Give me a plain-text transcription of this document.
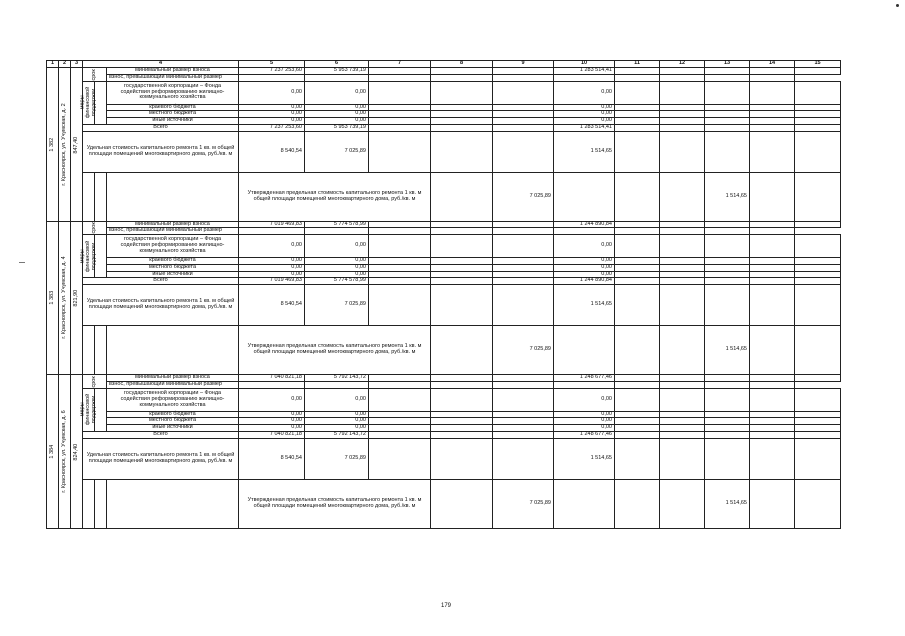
1	2	3	4			5	6	7	8	9	10	11	12	13	14	15	
1 382	г. Красноярск, ул. Учумская, д. 2	847,40	срок		минимальный размер взноса	7 237 253,60	5 953 739,19				1 283 514,41						
					взнос, превышающий минимальный размер												
			меры финансовой поддержки		государственной корпорации – Фонда содействия реформированию жилищно-коммунального хозяйства	0,00	0,00				0,00						
					краевого бюджета	0,00	0,00				0,00						
					местного бюджета	0,00	0,00				0,00						
					иные источники	0,00	0,00				0,00						
			Всего			7 237 253,60	5 953 739,19				1 283 514,41						
			Удельная стоимость капитального ремонта 1 кв. м общей площади помещений многоквартирного дома, руб./кв. м			8 540,54	7 025,89				1 514,65						
						Утвержденная предельная стоимость капитального ремонта 1 кв. м общей площади помещений многоквартирного дома, руб./кв. м				7 025,89				1 514,65					
1 383	г. Красноярск, ул. Учумская, д. 4	821,90	срок		минимальный размер взноса	7 019 469,83	5 774 578,99				1 244 890,84						
					взнос, превышающий минимальный размер												
			меры финансовой поддержки		государственной корпорации – Фонда содействия реформированию жилищно-коммунального хозяйства	0,00	0,00				0,00						
					краевого бюджета	0,00	0,00				0,00						
					местного бюджета	0,00	0,00				0,00						
					иные источники	0,00	0,00				0,00						
			Всего			7 019 469,83	5 774 578,99				1 244 890,84						
			Удельная стоимость капитального ремонта 1 кв. м общей площади помещений многоквартирного дома, руб./кв. м			8 540,54	7 025,89				1 514,65						
						Утвержденная предельная стоимость капитального ремонта 1 кв. м общей площади помещений многоквартирного дома, руб./кв. м				7 025,89				1 514,65					
1 384	г. Красноярск, ул. Учумская, д. 6	824,40	срок		минимальный размер взноса	7 040 821,18	5 792 143,72				1 248 677,46						
					взнос, превышающий минимальный размер												
			меры финансовой поддержки		государственной корпорации – Фонда содействия реформированию жилищно-коммунального хозяйства	0,00	0,00				0,00						
					краевого бюджета	0,00	0,00				0,00						
					местного бюджета	0,00	0,00				0,00						
					иные источники	0,00	0,00				0,00						
			Всего			7 040 821,18	5 792 143,72				1 248 677,46						
			Удельная стоимость капитального ремонта 1 кв. м общей площади помещений многоквартирного дома, руб./кв. м			8 540,54	7 025,89				1 514,65						
						Утвержденная предельная стоимость капитального ремонта 1 кв. м общей площади помещений многоквартирного дома, руб./кв. м				7 025,89				1 514,65					
179
